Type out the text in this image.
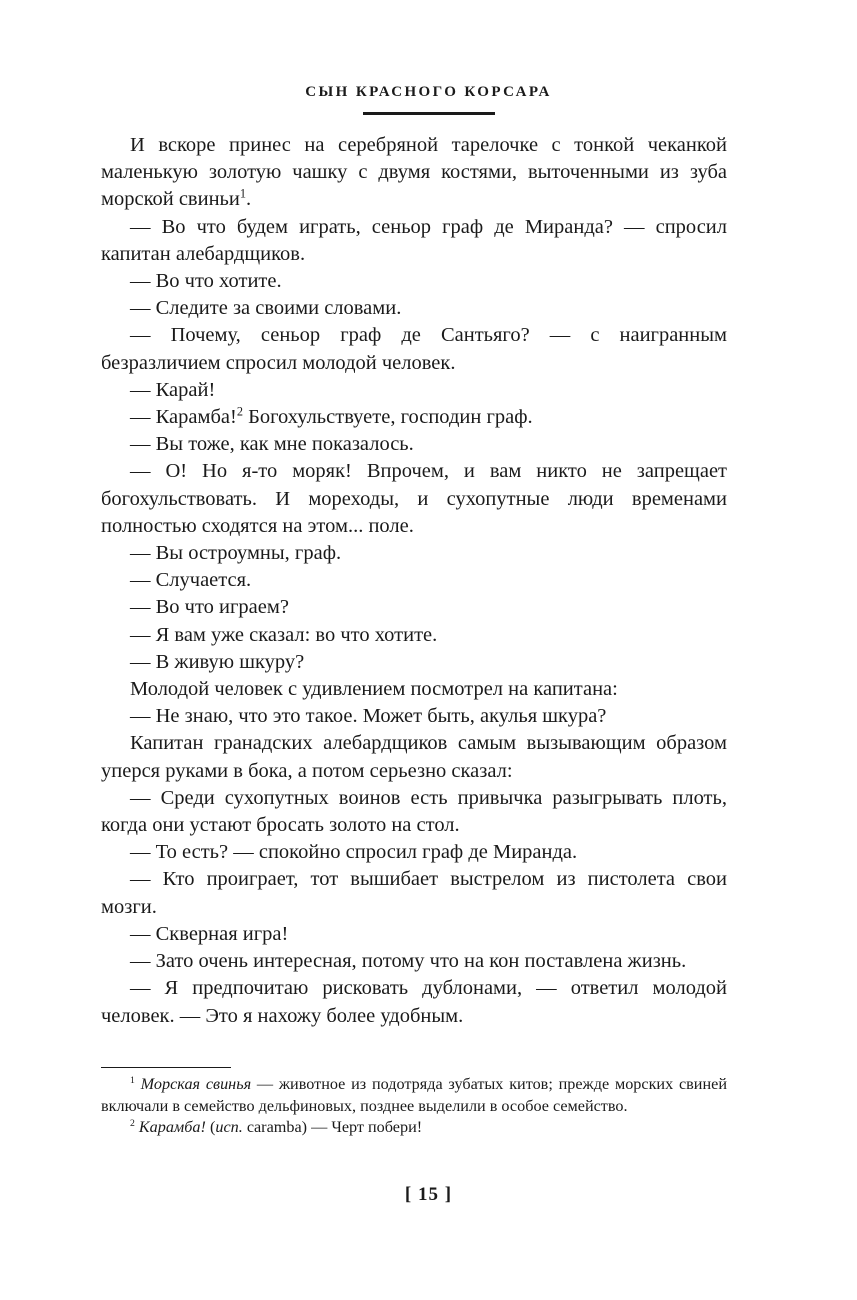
СЫН КРАСНОГО КОРСАРА

И вскоре принес на серебряной тарелочке с тонкой чеканкой маленькую золотую чашку с двумя костями, выточенными из зуба морской свиньи$^1$.

— Во что будем играть, сеньор граф де Миранда? — спросил капитан алебардщиков.

— Во что хотите.

— Следите за своими словами.

— Почему, сеньор граф де Сантьяго? — с наигранным безразличием спросил молодой человек.

— Карай!

— Карамба!$^2$ Богохульствуете, господин граф.

— Вы тоже, как мне показалось.

— О! Но я-то моряк! Впрочем, и вам никто не запрещает богохульствовать. И мореходы, и сухопутные люди временами полностью сходятся на этом... поле.

— Вы остроумны, граф.

— Случается.

— Во что играем?

— Я вам уже сказал: во что хотите.

— В живую шкуру?

Молодой человек с удивлением посмотрел на капитана:

— Не знаю, что это такое. Может быть, акулья шкура?

Капитан гранадских алебардщиков самым вызывающим образом уперся руками в бока, а потом серьезно сказал:

— Среди сухопутных воинов есть привычка разыгрывать плоть, когда они устают бросать золото на стол.

— То есть? — спокойно спросил граф де Миранда.

— Кто проиграет, тот вышибает выстрелом из пистолета свои мозги.

— Скверная игра!

— Зато очень интересная, потому что на кон поставлена жизнь.

— Я предпочитаю рисковать дублонами, — ответил молодой человек. — Это я нахожу более удобным.

$^1$ Морская свинья — животное из подотряда зубатых китов; прежде морских свиней включали в семейство дельфиновых, позднее выделили в особое семейство.

$^2$ Карамба! (исп. caramba) — Черт побери!

[ 15 ]
